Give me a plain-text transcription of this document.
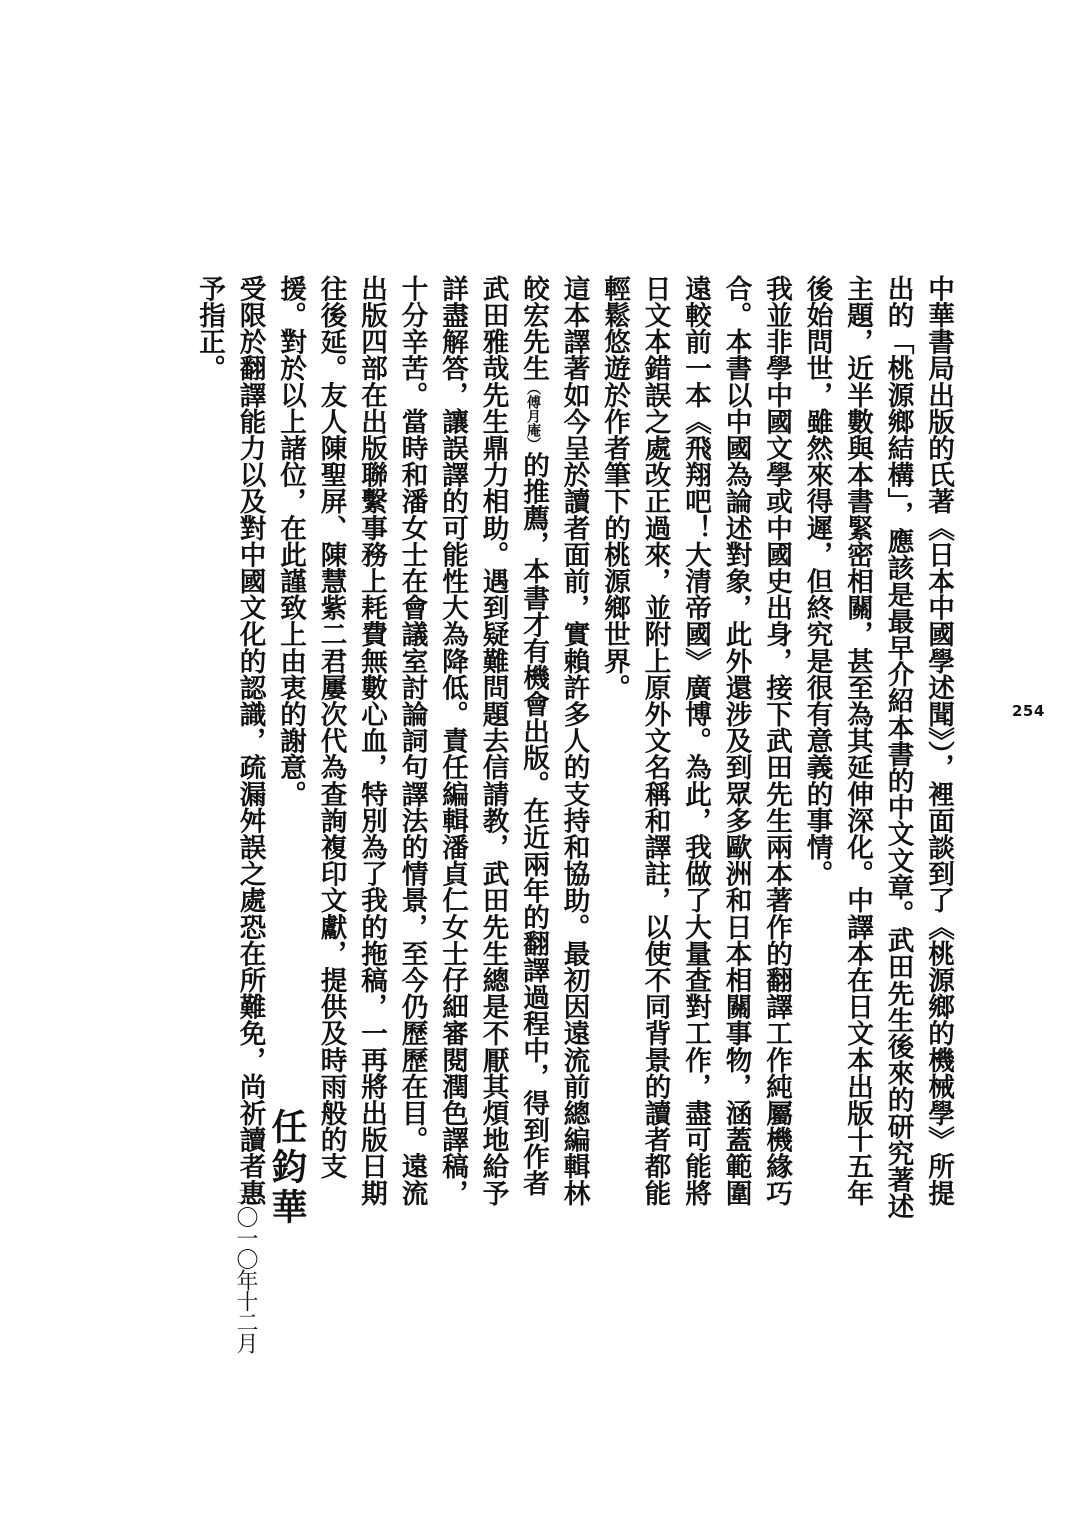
254

中華書局出版的氏著《日本中國學述聞》），裡面談到了《桃源鄉的機械學》所提出的「桃源鄉結構」，應該是最早介紹本書的中文文章。武田先生後來的研究著述主題，近半數與本書緊密相關，甚至為其延伸深化。中譯本在日文本出版十五年後始問世，雖然來得遲，但終究是很有意義的事情。

我並非學中國文學或中國史出身，接下武田先生兩本著作的翻譯工作純屬機緣巧合。本書以中國為論述對象，此外還涉及到眾多歐洲和日本相關事物，涵蓋範圍遠較前一本《飛翔吧！大清帝國》廣博。為此，我做了大量查對工作，盡可能將日文本錯誤之處改正過來，並附上原外文名稱和譯註，以使不同背景的讀者都能輕鬆悠遊於作者筆下的桃源鄉世界。

這本譯著如今呈於讀者面前，實賴許多人的支持和協助。最初因遠流前總編輯林皎宏先生（傅月庵）的推薦，本書才有機會出版。在近兩年的翻譯過程中，得到作者武田雅哉先生鼎力相助。遇到疑難問題去信請教，武田先生總是不厭其煩地給予詳盡解答，讓誤譯的可能性大為降低。責任編輯潘貞仁女士仔細審閱潤色譯稿，十分辛苦。當時和潘女士在會議室討論詞句譯法的情景，至今仍歷歷在目。遠流出版四部在出版聯繫事務上耗費無數心血，特別為了我的拖稿，一再將出版日期往後延。友人陳聖屏、陳慧紫二君屢次代為查詢複印文獻，提供及時雨般的支援。對於以上諸位，在此謹致上由衷的謝意。

受限於翻譯能力以及對中國文化的認識，疏漏舛誤之處恐在所難免，尚祈讀者惠予指正。

任鈞華
二〇一〇年十二月
